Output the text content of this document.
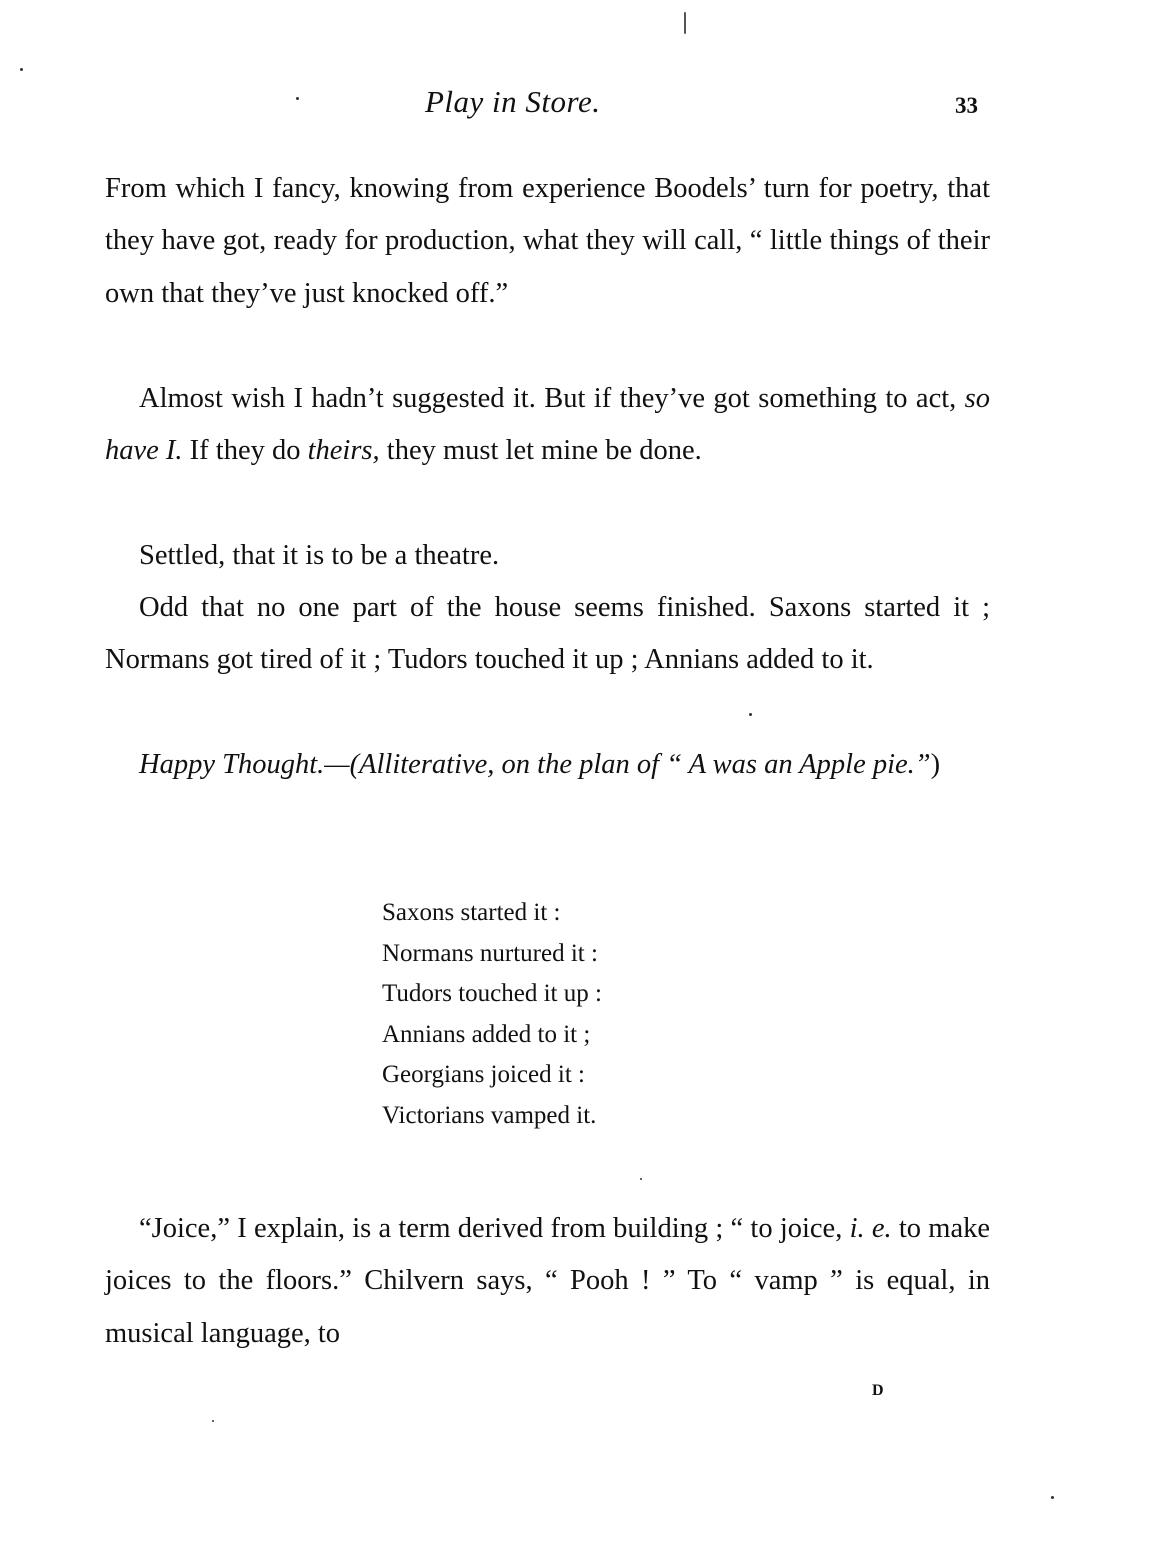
Play in Store.	33

From which I fancy, knowing from experience Boodels’ turn for poetry, that they have got, ready for production, what they will call, “ little things of their own that they’ve just knocked off.”

Almost wish I hadn’t suggested it. But if they’ve got something to act, so have I. If they do theirs, they must let mine be done.

Settled, that it is to be a theatre.

Odd that no one part of the house seems finished. Saxons started it ; Normans got tired of it ; Tudors touched it up ; Annians added to it.

Happy Thought.—(Alliterative, on the plan of “ A was an Apple pie.”)

Saxons started it :
Normans nurtured it :
Tudors touched it up :
Annians added to it ;
Georgians joiced it :
Victorians vamped it.

“Joice,” I explain, is a term derived from building ; “ to joice, i. e. to make joices to the floors.” Chilvern says, “ Pooh ! ” To “ vamp ” is equal, in musical language, to

D
